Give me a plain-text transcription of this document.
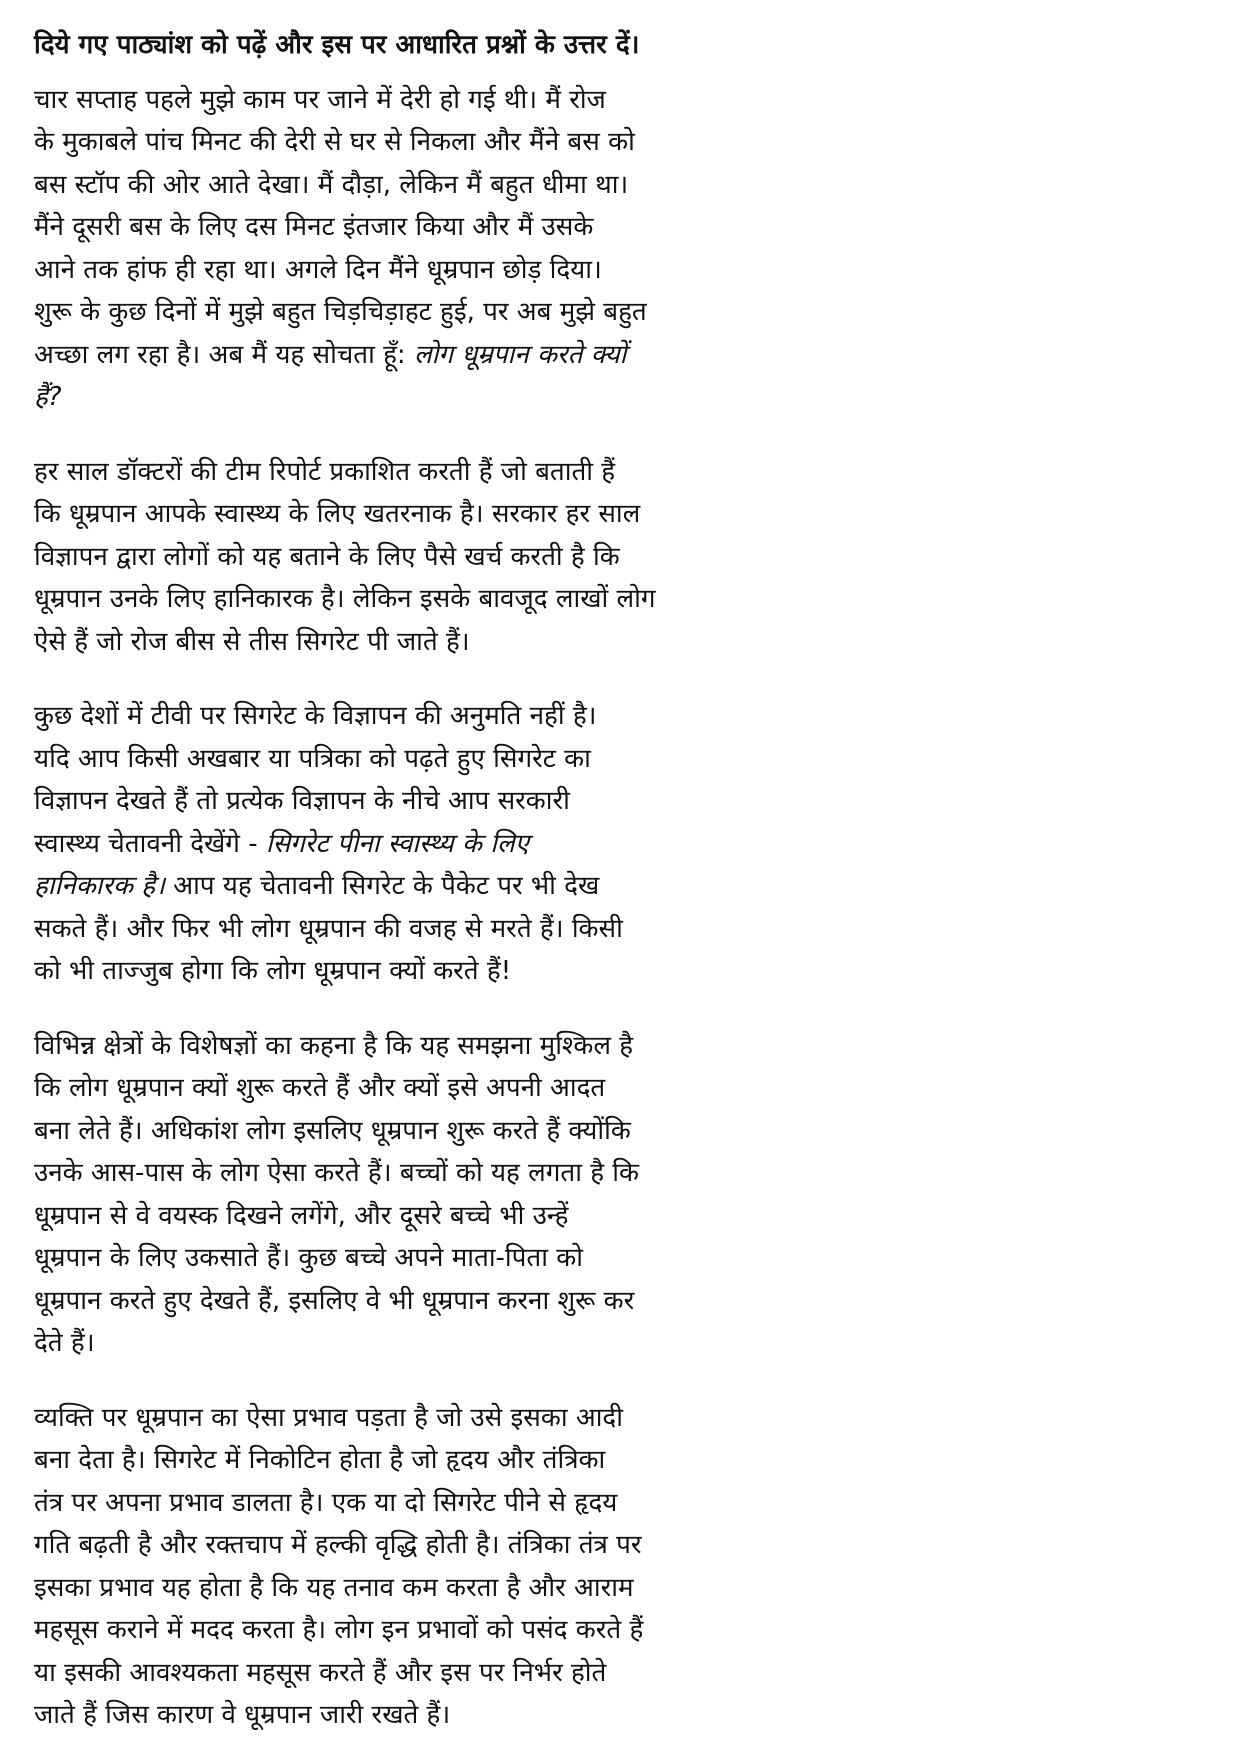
दिये गए पाठ्यांश को पढ़ें और इस पर आधारित प्रश्नों के उत्तर दें।
चार सप्ताह पहले मुझे काम पर जाने में देरी हो गई थी। मैं रोज
के मुकाबले पांच मिनट की देरी से घर से निकला और मैंने बस को
बस स्टॉप की ओर आते देखा। मैं दौड़ा, लेकिन मैं बहुत धीमा था।
मैंने दूसरी बस के लिए दस मिनट इंतजार किया और मैं उसके
आने तक हांफ ही रहा था। अगले दिन मैंने धूम्रपान छोड़ दिया।
शुरू के कुछ दिनों में मुझे बहुत चिड़चिड़ाहट हुई, पर अब मुझे बहुत
अच्छा लग रहा है। अब मैं यह सोचता हूँ: लोग धूम्रपान करते क्यों
हैं?
हर साल डॉक्टरों की टीम रिपोर्ट प्रकाशित करती हैं जो बताती हैं
कि धूम्रपान आपके स्वास्थ्य के लिए खतरनाक है। सरकार हर साल
विज्ञापन द्वारा लोगों को यह बताने के लिए पैसे खर्च करती है कि
धूम्रपान उनके लिए हानिकारक है। लेकिन इसके बावजूद लाखों लोग
ऐसे हैं जो रोज बीस से तीस सिगरेट पी जाते हैं।
कुछ देशों में टीवी पर सिगरेट के विज्ञापन की अनुमति नहीं है।
यदि आप किसी अखबार या पत्रिका को पढ़ते हुए सिगरेट का
विज्ञापन देखते हैं तो प्रत्येक विज्ञापन के नीचे आप सरकारी
स्वास्थ्य चेतावनी देखेंगे - सिगरेट पीना स्वास्थ्य के लिए
हानिकारक है। आप यह चेतावनी सिगरेट के पैकेट पर भी देख
सकते हैं। और फिर भी लोग धूम्रपान की वजह से मरते हैं। किसी
को भी ताज्जुब होगा कि लोग धूम्रपान क्यों करते हैं!
विभिन्न क्षेत्रों के विशेषज्ञों का कहना है कि यह समझना मुश्किल है
कि लोग धूम्रपान क्यों शुरू करते हैं और क्यों इसे अपनी आदत
बना लेते हैं। अधिकांश लोग इसलिए धूम्रपान शुरू करते हैं क्योंकि
उनके आस-पास के लोग ऐसा करते हैं। बच्चों को यह लगता है कि
धूम्रपान से वे वयस्क दिखने लगेंगे, और दूसरे बच्चे भी उन्हें
धूम्रपान के लिए उकसाते हैं। कुछ बच्चे अपने माता-पिता को
धूम्रपान करते हुए देखते हैं, इसलिए वे भी धूम्रपान करना शुरू कर
देते हैं।
व्यक्ति पर धूम्रपान का ऐसा प्रभाव पड़ता है जो उसे इसका आदी
बना देता है। सिगरेट में निकोटिन होता है जो हृदय और तंत्रिका
तंत्र पर अपना प्रभाव डालता है। एक या दो सिगरेट पीने से हृदय
गति बढ़ती है और रक्तचाप में हल्की वृद्धि होती है। तंत्रिका तंत्र पर
इसका प्रभाव यह होता है कि यह तनाव कम करता है और आराम
महसूस कराने में मदद करता है। लोग इन प्रभावों को पसंद करते हैं
या इसकी आवश्यकता महसूस करते हैं और इस पर निर्भर होते
जाते हैं जिस कारण वे धूम्रपान जारी रखते हैं।
